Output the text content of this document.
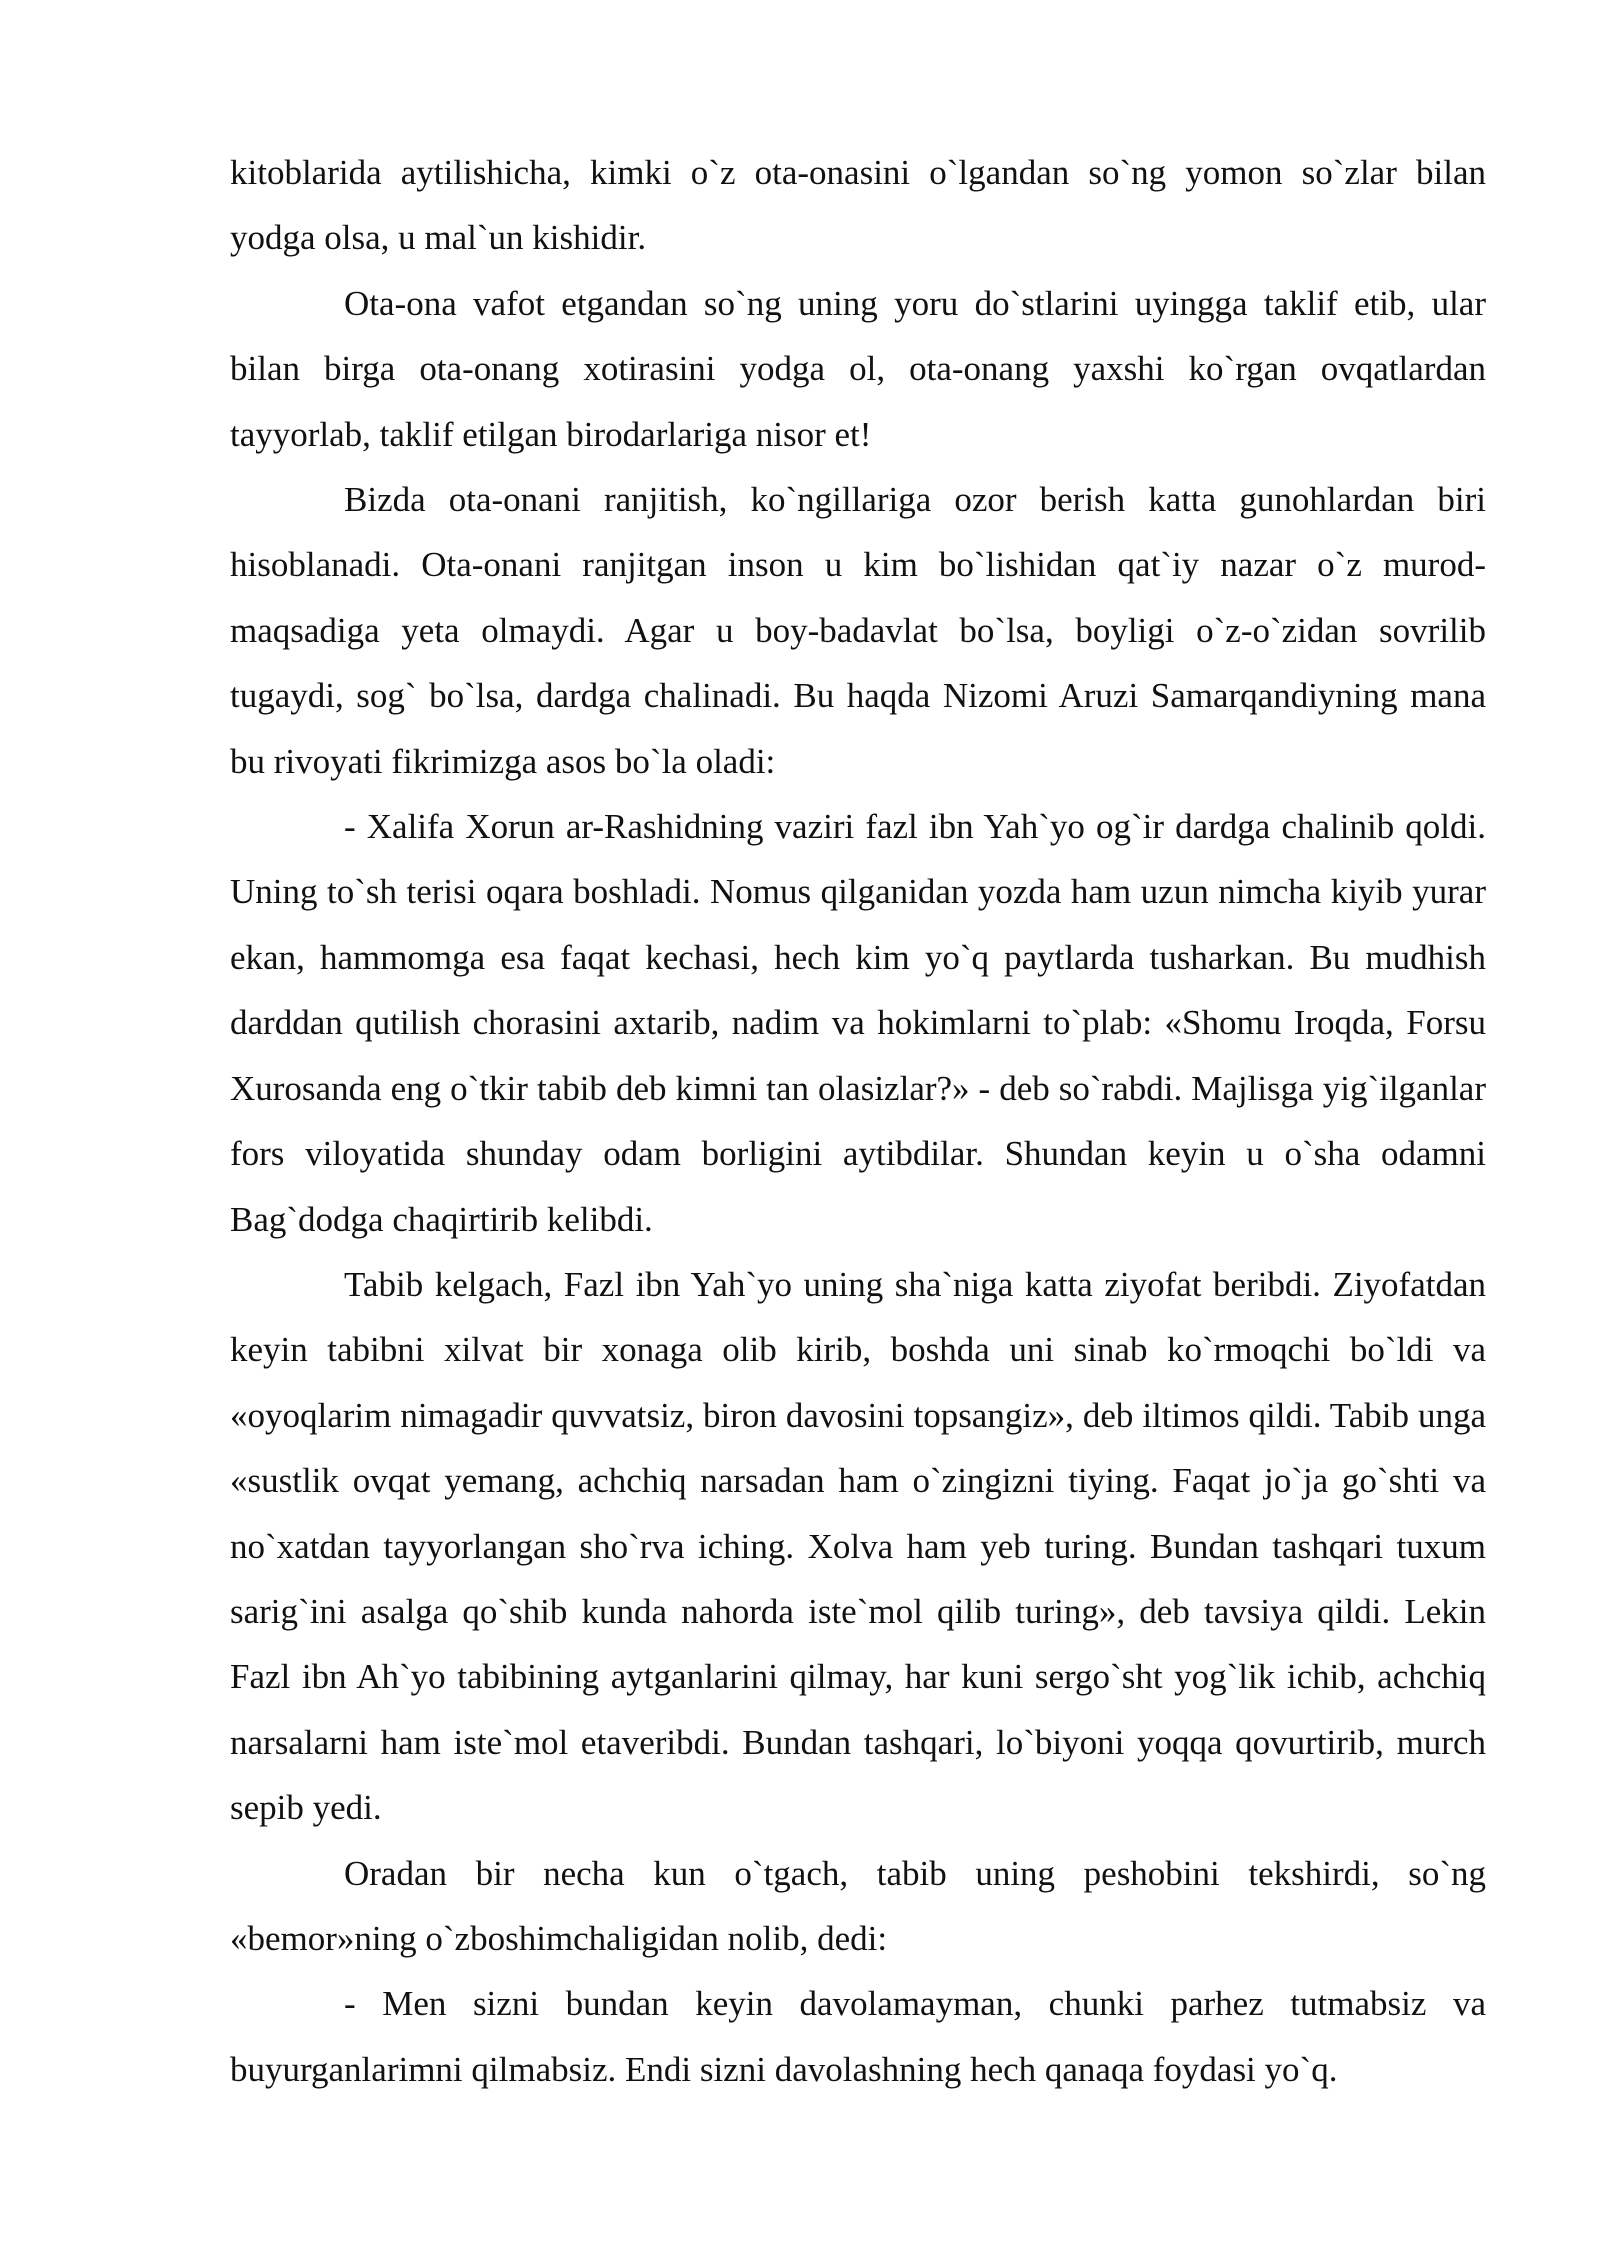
kitoblarida aytilishicha, kimki o`z ota-onasini o`lgandan so`ng yomon so`zlar bilan yodga olsa, u mal`un kishidir.

Ota-ona vafot etgandan so`ng uning yoru do`stlarini uyingga taklif etib, ular bilan birga ota-onang xotirasini yodga ol, ota-onang yaxshi ko`rgan ovqatlardan tayyorlab, taklif etilgan birodarlariga nisor et!

Bizda ota-onani ranjitish, ko`ngillariga ozor berish katta gunohlardan biri hisoblanadi. Ota-onani ranjitgan inson u kim bo`lishidan qat`iy nazar o`z murod-maqsadiga yeta olmaydi. Agar u boy-badavlat bo`lsa, boyligi o`z-o`zidan sovrilib tugaydi, sog` bo`lsa, dardga chalinadi. Bu haqda Nizomi Aruzi Samarqandiyning mana bu rivoyati fikrimizga asos bo`la oladi:

- Xalifa Xorun ar-Rashidning vaziri fazl ibn Yah`yo og`ir dardga chalinib qoldi. Uning to`sh terisi oqara boshladi. Nomus qilganidan yozda ham uzun nimcha kiyib yurar ekan, hammomga esa faqat kechasi, hech kim yo`q paytlarda tusharkan. Bu mudhish darddan qutilish chorasini axtarib, nadim va hokimlarni to`plab: «Shomu Iroqda, Forsu Xurosanda eng o`tkir tabib deb kimni tan olasizlar?» - deb so`rabdi. Majlisga yig`ilganlar fors viloyatida shunday odam borligini aytibdilar. Shundan keyin u o`sha odamni Bag`dodga chaqirtirib kelibdi.

Tabib kelgach, Fazl ibn Yah`yo uning sha`niga katta ziyofat beribdi. Ziyofatdan keyin tabibni xilvat bir xonaga olib kirib, boshda uni sinab ko`rmoqchi bo`ldi va «oyoqlarim nimagadir quvvatsiz, biron davosini topsangiz», deb iltimos qildi. Tabib unga «sustlik ovqat yemang, achchiq narsadan ham o`zingizni tiying. Faqat jo`ja go`shti va no`xatdan tayyorlangan sho`rva iching. Xolva ham yeb turing. Bundan tashqari tuxum sarig`ini asalga qo`shib kunda nahorda iste`mol qilib turing», deb tavsiya qildi. Lekin Fazl ibn Ah`yo tabibining aytganlarini qilmay, har kuni sergo`sht yog`lik ichib, achchiq narsalarni ham iste`mol etaveribdi. Bundan tashqari, lo`biyoni yoqqa qovurtirib, murch sepib yedi.

Oradan bir necha kun o`tgach, tabib uning peshobini tekshirdi, so`ng «bemor»ning o`zboshimchaligidan nolib, dedi:

- Men sizni bundan keyin davolamayman, chunki parhez tutmabsiz va buyurganlarimni qilmabsiz. Endi sizni davolashning hech qanaqa foydasi yo`q.
